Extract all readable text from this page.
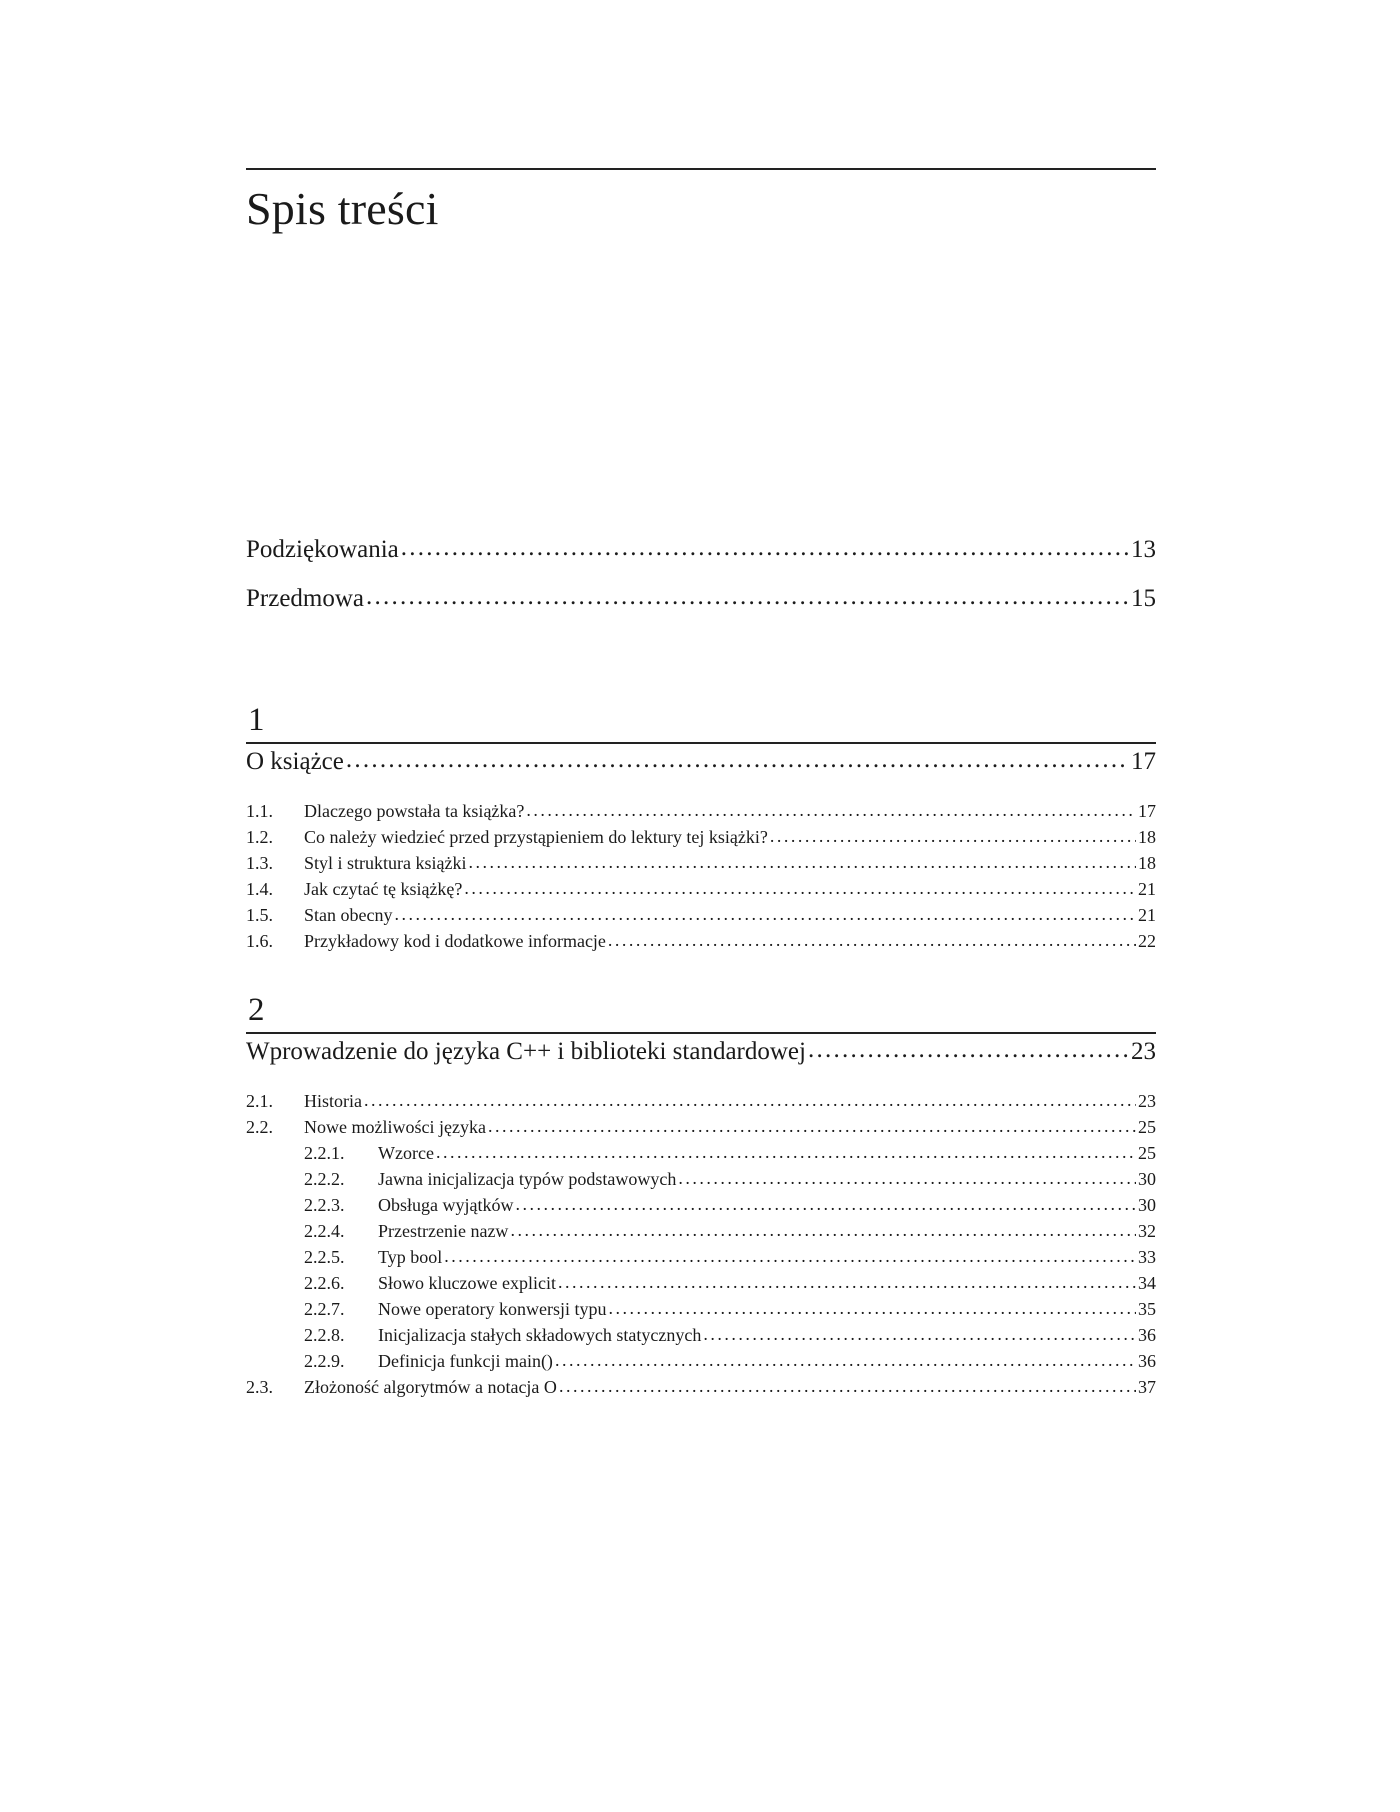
Spis treści
Podziękowania . . .	13
Przedmowa . . .	15
1
O książce . . .	17
1.1.	Dlaczego powstała ta książka? . . .	17
1.2.	Co należy wiedzieć przed przystąpieniem do lektury tej książki? . . .	18
1.3.	Styl i struktura książki . . .	18
1.4.	Jak czytać tę książkę? . . .	21
1.5.	Stan obecny . . .	21
1.6.	Przykładowy kod i dodatkowe informacje . . .	22
2
Wprowadzenie do języka C++ i biblioteki standardowej . . .	23
2.1.	Historia . . .	23
2.2.	Nowe możliwości języka . . .	25
2.2.1.	Wzorce . . .	25
2.2.2.	Jawna inicjalizacja typów podstawowych . . .	30
2.2.3.	Obsługa wyjątków . . .	30
2.2.4.	Przestrzenie nazw . . .	32
2.2.5.	Typ bool . . .	33
2.2.6.	Słowo kluczowe explicit . . .	34
2.2.7.	Nowe operatory konwersji typu . . .	35
2.2.8.	Inicjalizacja stałych składowych statycznych . . .	36
2.2.9.	Definicja funkcji main() . . .	36
2.3.	Złożoność algorytmów a notacja O . . .	37
